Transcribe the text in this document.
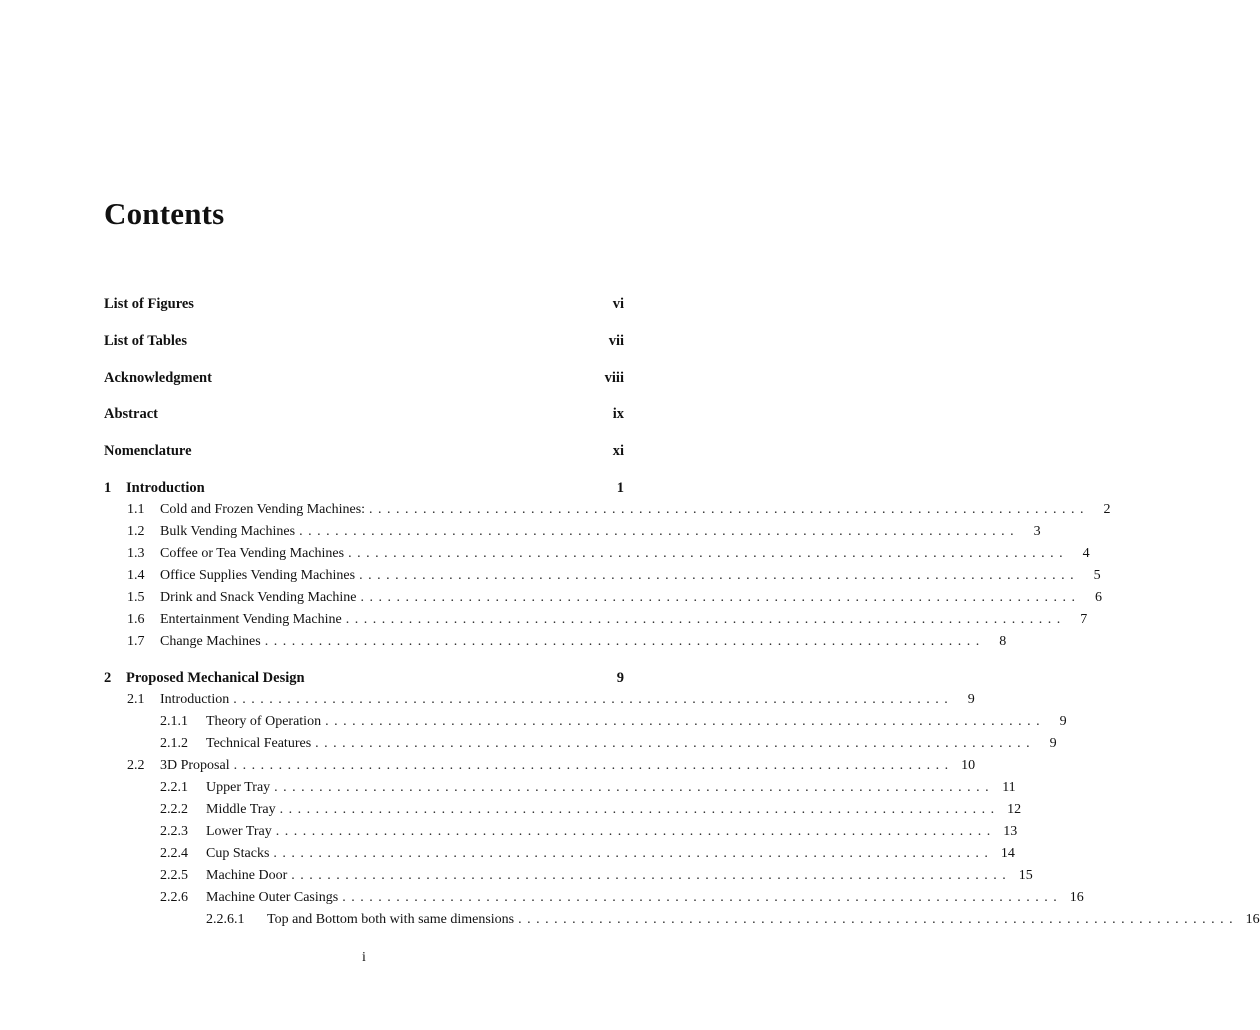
Contents
List of Figures	vi
List of Tables	vii
Acknowledgment	viii
Abstract	ix
Nomenclature	xi
1	Introduction	1
1.1	Cold and Frozen Vending Machines: . . . . . . . . . . . . . . . . . . . . . . . . . . . . . . . . . . . . . . . . . . . . . . . . . . . . . . . . . . . . . . . . . . . . . . . . . . . . . . . .	2
1.2	Bulk Vending Machines . . . . . . . . . . . . . . . . . . . . . . . . . . . . . . . . . . . . . . . . . . . . . . . . . . . . . . . . . . . . . . . . . . . . . . . . . . . . . . . .	3
1.3	Coffee or Tea Vending Machines . . . . . . . . . . . . . . . . . . . . . . . . . . . . . . . . . . . . . . . . . . . . . . . . . . . . . . . . . . . . . . . . . . . . . . . . . . . . . . . .	4
1.4	Office Supplies Vending Machines . . . . . . . . . . . . . . . . . . . . . . . . . . . . . . . . . . . . . . . . . . . . . . . . . . . . . . . . . . . . . . . . . . . . . . . . . . . . . . . .	5
1.5	Drink and Snack Vending Machine . . . . . . . . . . . . . . . . . . . . . . . . . . . . . . . . . . . . . . . . . . . . . . . . . . . . . . . . . . . . . . . . . . . . . . . . . . . . . . . .	6
1.6	Entertainment Vending Machine . . . . . . . . . . . . . . . . . . . . . . . . . . . . . . . . . . . . . . . . . . . . . . . . . . . . . . . . . . . . . . . . . . . . . . . . . . . . . . . .	7
1.7	Change Machines . . . . . . . . . . . . . . . . . . . . . . . . . . . . . . . . . . . . . . . . . . . . . . . . . . . . . . . . . . . . . . . . . . . . . . . . . . . . . . . .	8
2	Proposed Mechanical Design	9
2.1	Introduction . . . . . . . . . . . . . . . . . . . . . . . . . . . . . . . . . . . . . . . . . . . . . . . . . . . . . . . . . . . . . . . . . . . . . . . . . . . . . . . .	9
2.1.1	Theory of Operation . . . . . . . . . . . . . . . . . . . . . . . . . . . . . . . . . . . . . . . . . . . . . . . . . . . . . . . . . . . . . . . . . . . . . . . . . . . . . . . .	9
2.1.2	Technical Features . . . . . . . . . . . . . . . . . . . . . . . . . . . . . . . . . . . . . . . . . . . . . . . . . . . . . . . . . . . . . . . . . . . . . . . . . . . . . . . .	9
2.2	3D Proposal . . . . . . . . . . . . . . . . . . . . . . . . . . . . . . . . . . . . . . . . . . . . . . . . . . . . . . . . . . . . . . . . . . . . . . . . . . . . . . . . 10
2.2.1	Upper Tray . . . . . . . . . . . . . . . . . . . . . . . . . . . . . . . . . . . . . . . . . . . . . . . . . . . . . . . . . . . . . . . . . . . . . . . . . . . . . . . . 11
2.2.2	Middle Tray . . . . . . . . . . . . . . . . . . . . . . . . . . . . . . . . . . . . . . . . . . . . . . . . . . . . . . . . . . . . . . . . . . . . . . . . . . . . . . . . 12
2.2.3	Lower Tray . . . . . . . . . . . . . . . . . . . . . . . . . . . . . . . . . . . . . . . . . . . . . . . . . . . . . . . . . . . . . . . . . . . . . . . . . . . . . . . . 13
2.2.4	Cup Stacks . . . . . . . . . . . . . . . . . . . . . . . . . . . . . . . . . . . . . . . . . . . . . . . . . . . . . . . . . . . . . . . . . . . . . . . . . . . . . . . . 14
2.2.5	Machine Door . . . . . . . . . . . . . . . . . . . . . . . . . . . . . . . . . . . . . . . . . . . . . . . . . . . . . . . . . . . . . . . . . . . . . . . . . . . . . . . . 15
2.2.6	Machine Outer Casings . . . . . . . . . . . . . . . . . . . . . . . . . . . . . . . . . . . . . . . . . . . . . . . . . . . . . . . . . . . . . . . . . . . . . . . . . . . . . . . . 16
2.2.6.1	Top and Bottom both with same dimensions . . . . . . . . . . . . . . . . . . . . . . . . . . . . . . . . . . . . . . . . . . . . . . . . . . . . . . . . . . . . . . . . . . . . . . . . . . . . . . . . 16
i
